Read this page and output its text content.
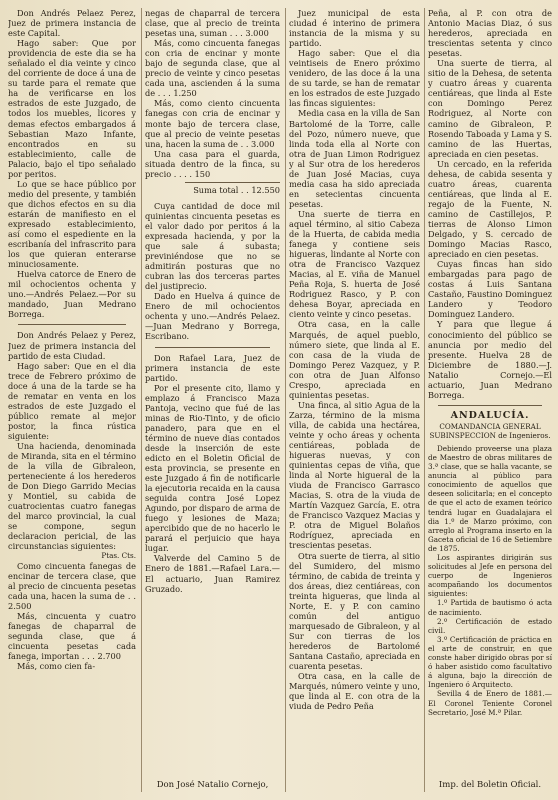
Don Andrés Pelaez Perez, Juez de primera instancia de este Capital.

Hago saber: Que por providencia de este dia se ha señalado el dia veinte y cinco del corriente de doce á una de su tarde para el remate que ha de verificarse en los estrados de este Juzgado, de todos los muebles, licores y demas efectos embargados á Sebastian Mazo Infante, encontrados en su establecimiento, calle de Palacio, bajo el tipo señalado por peritos.

Lo que se hace público por medio del presente, y también que dichos efectos en su dia estarán de manifiesto en el expresado establecimiento, así como el espediente en la escribanía del infrascrito para los que quieran enterarse minuciosamente.

Huelva catorce de Enero de mil ochocientos ochenta y uno.—Andrés Pelaez.—Por su mandado, Juan Medrano Borrega.

Don Andrés Pelaez y Perez, Juez de primera instancia del partido de esta Ciudad.

Hago saber: Que en el dia trece de Febrero próximo de doce á una de la tarde se ha de rematar en venta en los estrados de este Juzgado el público remate al mejor postor, la finca rústica siguiente:

Una hacienda, denominada de Miranda, sita en el término de la villa de Gibraleon, perteneciente á los herederos de Don Diego Garrido Mecias y Montiel, su cabida de cuatrocientas cuatro fanegas del marco provincial, la cual se compone, segun declaracion pericial, de las circunstancias siguientes:

Ptas. Cts.

Como cincuenta fanegas de encinar de tercera clase, que al precio de cincuenta pesetas cada una, hacen la suma de . . 2.500

Más, cincuenta y cuatro fanegas de chaparral de segunda clase, que á cincuenta pesetas cada fanega, importan . . . 2.700

Más, como cien fa-

negas de chaparral de tercera clase, que al precio de treinta pesetas una, suman . . . 3.000

Más, como cincuenta fanegas con cria de encinar y monte bajo de segunda clase, que al precio de veinte y cinco pesetas cada una, ascienden á la suma de . . . 1.250

Más, como ciento cincuenta fanegas con cria de encinar y monte bajo de tercera clase, que al precio de veinte pesetas una, hacen la suma de . . 3.000

Una casa para el guarda, situada dentro de la finca, su precio . . . . 150

Suma total . . 12.550

Cuya cantidad de doce mil quinientas cincuenta pesetas es el valor dado por peritos á la expresada hacienda, y por la que sale á subasta; previniéndose que no se admitirán posturas que no cubran las dos terceras partes del justiprecio.

Dado en Huelva á quince de Enero de mil ochocientos ochenta y uno.—Andrés Pelaez.—Juan Medrano y Borrega, Escribano.

Don Rafael Lara, Juez de primera instancia de este partido.

Por el presente cito, llamo y emplazo á Francisco Maza Pantoja, vecino que fué de las minas de Rio-Tinto, y de oficio panadero, para que en el término de nueve dias contados desde la inserción de este edicto en el Boletin Oficial de esta provincia, se presente en este Juzgado á fin de notificarle la ejecutoria recaida en la causa seguida contra José Lopez Agundo, por disparo de arma de fuego y lesiones de Maza; apercibido que de no hacerlo le parará el perjuicio que haya lugar.

Valverde del Camino 5 de Enero de 1881.—Rafael Lara.—El actuario, Juan Ramirez Gruzado.

Don José Natalio Cornejo,

Juez municipal de esta ciudad é interino de primera instancia de la misma y su partido.

Hago saber: Que el dia veintiseis de Enero próximo venidero, de las doce á la una de su tarde, se han de rematar en los estrados de este Juzgado las fincas siguientes:

Media casa en la villa de San Bartolomé de la Torre, calle del Pozo, número nueve, que linda toda ella al Norte con otra de Juan Limon Rodriguez y al Sur otra de los herederos de Juan José Macias, cuya media casa ha sido apreciada en setecientas cincuenta pesetas.

Una suerte de tierra en aquel término, al sitio Cabeza de la Huerta, de cabida media fanega y contiene seis higueras, lindante al Norte con otra de Francisco Vazquez Macias, al E. viña de Manuel Peña Roja, S. huerta de José Rodriguez Rasco, y P. con dehesa Boyar, apreciada en ciento veinte y cinco pesetas.

Otra casa, en la calle Marqués, de aquel pueblo, número siete, que linda al E. con casa de la viuda de Domingo Perez Vazquez, y P. con otra de Juan Alfonso Crespo, apreciada en quinientas pesetas.

Una finca, al sitio Agua de la Zarza, término de la misma villa, de cabida una hectárea, veinte y ocho áreas y ochenta centiáreas, poblada de higueras nuevas, y con quinientas cepas de viña, que linda al Norte higueral de la viuda de Francisco Garrasco Macias, S. otra de la viuda de Martín Vazquez García, E. otra de Francisco Vazquez Macias y P. otra de Miguel Bolaños Rodríguez, apreciada en trescientas pesetas.

Otra suerte de tierra, al sitio del Sumidero, del mismo término, de cabida de treinta y dos áreas, diez centiáreas, con treinta higueras, que linda al Norte, E. y P. con camino común del antiguo marquesado de Gibraleon, y al Sur con tierras de los herederos de Bartolomé Santana Castaño, apreciada en cuarenta pesetas.

Otra casa, en la calle de Marqués, número veinte y uno, que linda al E. con otra de la viuda de Pedro Peña

Peña, al P. con otra de Antonio Macias Diaz, ó sus herederos, apreciada en trescientas setenta y cinco pesetas.

Una suerte de tierra, al sitio de la Dehesa, de setenta y cuatro áreas y cuarenta centiáreas, que linda al Este con Domingo Perez Rodriguez, al Norte con camino de Gibraleon, P. Rosendo Taboada y Lama y S. camino de las Huertas, apreciada en cien pesetas.

Un cercado, en la referida dehesa, de cabida sesenta y cuatro áreas, cuarenta centiáreas, que linda al E. regajo de la Fuente, N. camino de Castillejos, P. tierras de Alonso Limon Delgado, y S. cercado de Domingo Macias Rasco, apreciado en cien pesetas.

Cuyas fincas han sido embargadas para pago de costas á Luis Santana Castaño, Faustino Dominguez Landero y Teodoro Dominguez Landero.

Y para que llegue á conocimiento del público se anuncia por medio del presente. Huelva 28 de Diciembre de 1880.—J. Natalio Cornejo.—El actuario, Juan Medrano Borrega.

ANDALUCÍA.
COMANDANCIA GENERAL SUBINSPECCION de Ingenieros.

Debiendo proveerse una plaza de Maestro de obras militares de 3.ª clase, que se halla vacante, se anuncia al público para conocimiento de aquellos que deseen solicitarla; en el concepto de que el acto de examen teórico tendrá lugar en Guadalajara el dia 1.º de Marzo próximo, con arreglo al Programa inserto en la Gaceta oficial de 16 de Setiembre de 1875.

Los aspirantes dirigirán sus solicitudes al Jefe en persona del cuerpo de Ingenieros acompañando los documentos siguientes:

1.º Partida de bautismo ó acta de nacimiento.

2.º Certificación de estado civil.

3.º Certificación de práctica en el arte de construir, en que conste haber dirigido obras por sí ó haber asistido como facultativo á alguna, bajo la dirección de Ingeniero ó Arquitecto.

Sevilla 4 de Enero de 1881.—El Coronel Teniente Coronel Secretario, José M.ª Pilar.

Imp. del Boletin Oficial.
